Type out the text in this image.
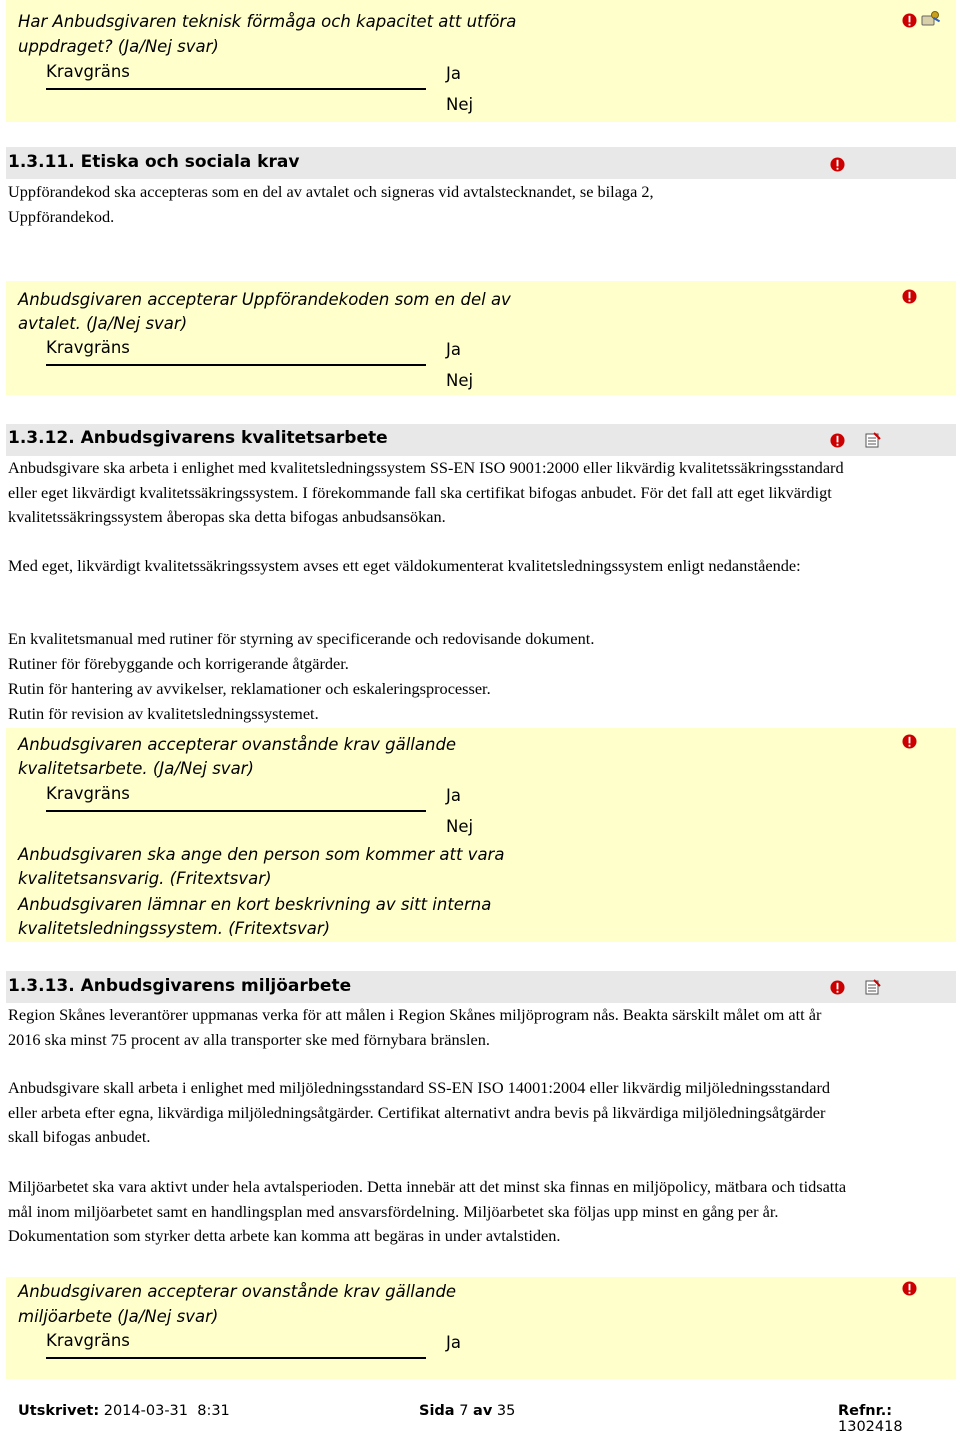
Har Anbudsgivaren teknisk förmåga och kapacitet att utföra
uppdraget? (Ja/Nej svar)
Kravgräns	Ja
Nej
1.3.11. Etiska och sociala krav
Uppförandekod ska accepteras som en del av avtalet och signeras vid avtalstecknandet, se bilaga 2, Uppförandekod.
Anbudsgivaren accepterar Uppförandekoden som en del av
avtalet. (Ja/Nej svar)
Kravgräns	Ja
Nej
1.3.12. Anbudsgivarens kvalitetsarbete
Anbudsgivare ska arbeta i enlighet med kvalitetsledningssystem SS-EN ISO 9001:2000 eller likvärdig kvalitetssäkringsstandard eller eget likvärdigt kvalitetssäkringssystem. I förekommande fall ska certifikat bifogas anbudet. För det fall att eget likvärdigt kvalitetssäkringssystem åberopas ska detta bifogas anbudsansökan.
Med eget, likvärdigt kvalitetssäkringssystem avses ett eget väldokumenterat kvalitetsledningssystem enligt nedanstående:
En kvalitetsmanual med rutiner för styrning av specificerande och redovisande dokument.
Rutiner för förebyggande och korrigerande åtgärder.
Rutin för hantering av avvikelser, reklamationer och eskaleringsprocesser.
Rutin för revision av kvalitetsledningssystemet.
Anbudsgivaren accepterar ovanstånde krav gällande
kvalitetsarbete. (Ja/Nej svar)
Kravgräns	Ja
Nej
Anbudsgivaren ska ange den person som kommer att vara
kvalitetsansvarig. (Fritextsvar)
Anbudsgivaren lämnar en kort beskrivning av sitt interna
kvalitetsledningssystem. (Fritextsvar)
1.3.13. Anbudsgivarens miljöarbete
Region Skånes leverantörer uppmanas verka för att målen i Region Skånes miljöprogram nås. Beakta särskilt målet om att år 2016 ska minst 75 procent av alla transporter ske med förnybara bränslen.
Anbudsgivare skall arbeta i enlighet med miljöledningsstandard SS-EN ISO 14001:2004 eller likvärdig miljöledningsstandard eller arbeta efter egna, likvärdiga miljöledningsåtgärder. Certifikat alternativt andra bevis på likvärdiga miljöledningsåtgärder skall bifogas anbudet.
Miljöarbetet ska vara aktivt under hela avtalsperioden. Detta innebär att det minst ska finnas en miljöpolicy, mätbara och tidsatta mål inom miljöarbetet samt en handlingsplan med ansvarsfördelning. Miljöarbetet ska följas upp minst en gång per år. Dokumentation som styrker detta arbete kan komma att begäras in under avtalstiden.
Anbudsgivaren accepterar ovanstånde krav gällande
miljöarbete (Ja/Nej svar)
Kravgräns	Ja
Utskrivet: 2014-03-31  8:31	Sida 7 av 35	Refnr.: 1302418
